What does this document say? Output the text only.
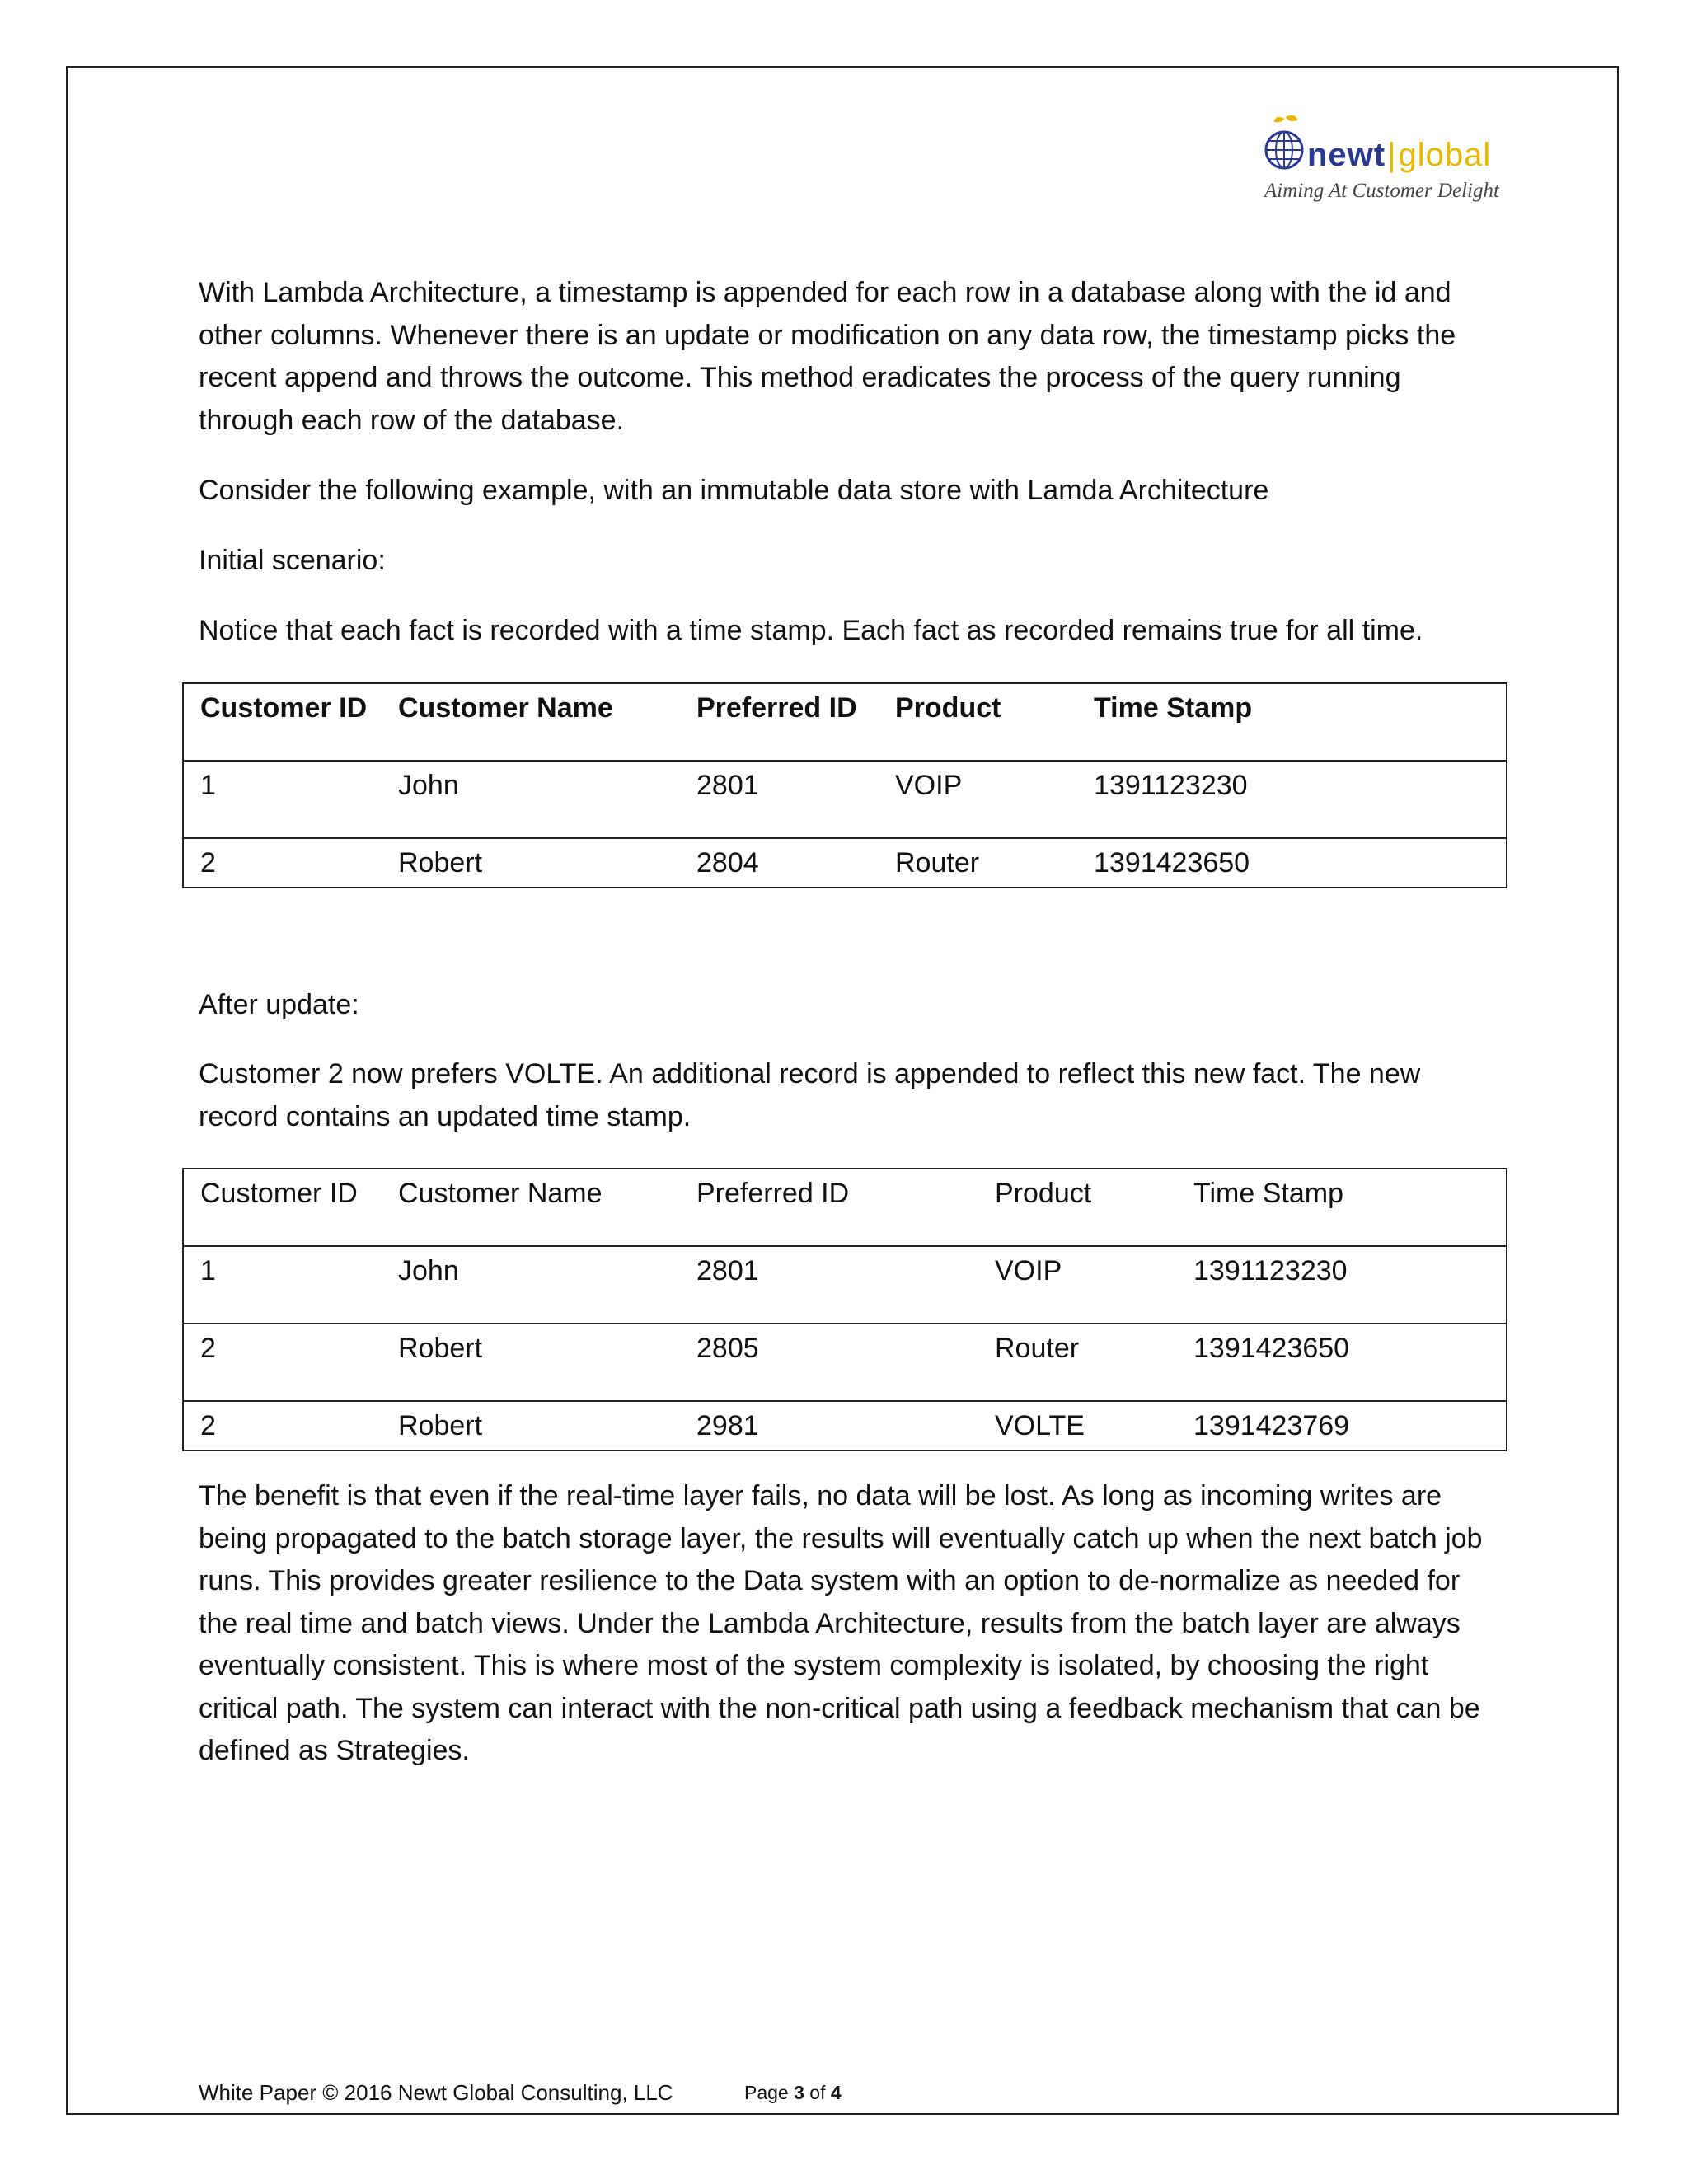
newt|global
Aiming At Customer Delight

With Lambda Architecture, a timestamp is appended for each row in a database along with the id and other columns. Whenever there is an update or modification on any data row, the timestamp picks the recent append and throws the outcome. This method eradicates the process of the query running through each row of the database.

Consider the following example, with an immutable data store with Lamda Architecture

Initial scenario:

Notice that each fact is recorded with a time stamp. Each fact as recorded remains true for all time.

Customer ID	Customer Name	Preferred ID	Product	Time Stamp
1	John	2801	VOIP	1391123230
2	Robert	2804	Router	1391423650

After update:

Customer 2 now prefers VOLTE. An additional record is appended to reflect this new fact. The new record contains an updated time stamp.

Customer ID	Customer Name	Preferred ID	Product	Time Stamp
1	John	2801	VOIP	1391123230
2	Robert	2805	Router	1391423650
2	Robert	2981	VOLTE	1391423769

The benefit is that even if the real-time layer fails, no data will be lost. As long as incoming writes are being propagated to the batch storage layer, the results will eventually catch up when the next batch job runs. This provides greater resilience to the Data system with an option to de-normalize as needed for the real time and batch views. Under the Lambda Architecture, results from the batch layer are always eventually consistent. This is where most of the system complexity is isolated, by choosing the right critical path. The system can interact with the non-critical path using a feedback mechanism that can be defined as Strategies.

White Paper © 2016 Newt Global Consulting, LLC	Page 3 of 4
